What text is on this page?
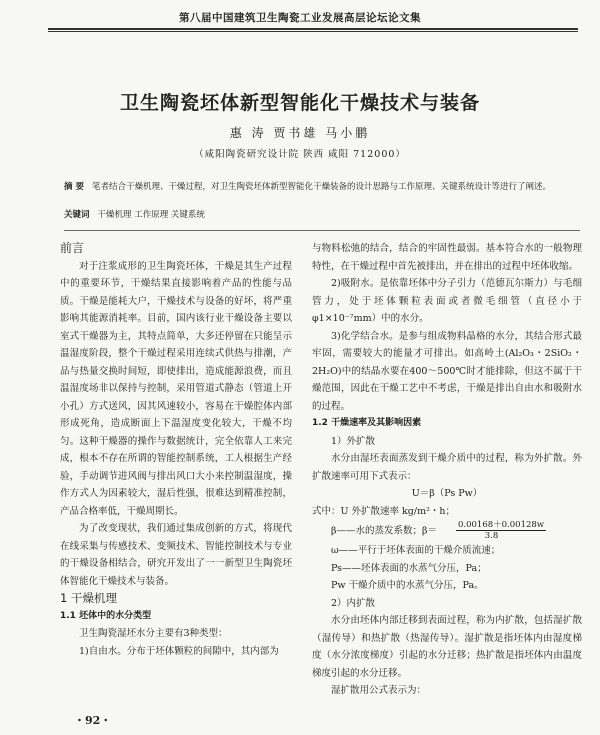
第八届中国建筑卫生陶瓷工业发展高层论坛论文集
卫生陶瓷坯体新型智能化干燥技术与装备
惠 涛 贾书雄 马小鹏
（咸阳陶瓷研究设计院 陕西 咸阳 712000）
摘 要 笔者结合干燥机理、干燥过程，对卫生陶瓷坯体新型智能化干燥装备的设计思路与工作原理、关键系统设计等进行了阐述。
关键词 干燥机理 工作原理 关键系统

前言

对于注浆成形的卫生陶瓷坯体，干燥是其生产过程中的重要环节，干燥结果直接影响着产品的性能与品质。干燥是能耗大户，干燥技术与设备的好坏，将严重影响其能源消耗率。目前，国内该行业干燥设备主要以室式干燥器为主，其特点简单，大多还停留在只能呈示温湿度阶段，整个干燥过程采用连续式供热与排潮，产品与热量交换时间短，即使排出，造成能源浪费，而且温湿度场非以保持与控制，采用管道式静态（管道上开小孔）方式送风，因其风速较小，容易在干燥腔体内部形成死角，造成断面上下温湿度变化较大，干燥不均匀。这种干燥器的操作与数据统计，完全依靠人工来完成，根本不存在所谓的智能控制系统，工人根据生产经验，手动调节进风阀与排出风口大小来控制温湿度，操作方式人为因素较大，湿后性强，很难达到精准控制，产品合格率低，干燥周期长。

为了改变现状，我们通过集成创新的方式，将现代在线采集与传感技术、变频技术、智能控制技术与专业的干燥设备相结合，研究开发出了一一新型卫生陶瓷坯体智能化干燥技术与装备。

1 干燥机理

1.1 坯体中的水分类型

卫生陶瓷湿坯水分主要有3种类型：

1)自由水。分布于坯体颗粒的间隙中，其内部为

与物料松弛的结合，结合的牢固性最弱。基本符合水的一般物理特性，在干燥过程中首先被排出，并在排出的过程中坯体收缩。

2)吸附水。是依靠坯体中分子引力（范德瓦尔斯力）与毛细管力，处于坯体颗粒表面或者微毛细管（直径小于φ1×10⁻⁷mm）中的水分。

3)化学结合水。是参与组成物料晶格的水分，其结合形式最牢固，需要较大的能量才可排出。如高岭土(Al₂O₃・2SiO₂・2H₂O)中的结晶水要在400～500℃时才能排除，但这不属于干燥范围，因此在干燥工艺中不考虑，干燥是排出自由水和吸附水的过程。

1.2 干燥速率及其影响因素

1）外扩散

水分由湿坯表面蒸发到干燥介质中的过程，称为外扩散。外扩散速率可用下式表示：

U＝β（Ps Pw）

式中：U 外扩散速率 kg/m²・h；

β——水的蒸发系数；$\beta=\frac{0.00168+0.00128w}{3.8}$

ω——平行于坯体表面的干燥介质流速；

Ps——坯体表面的水蒸气分压，Pa；

Pw 干燥介质中的水蒸气分压，Pa。

2）内扩散

水分由坯体内部迁移到表面过程，称为内扩散，包括湿扩散（湿传导）和热扩散（热湿传导）。湿扩散是指坯体内由湿度梯度（水分浓度梯度）引起的水分迁移；热扩散是指坯体内由温度梯度引起的水分迁移。

湿扩散用公式表示为：

・92・
